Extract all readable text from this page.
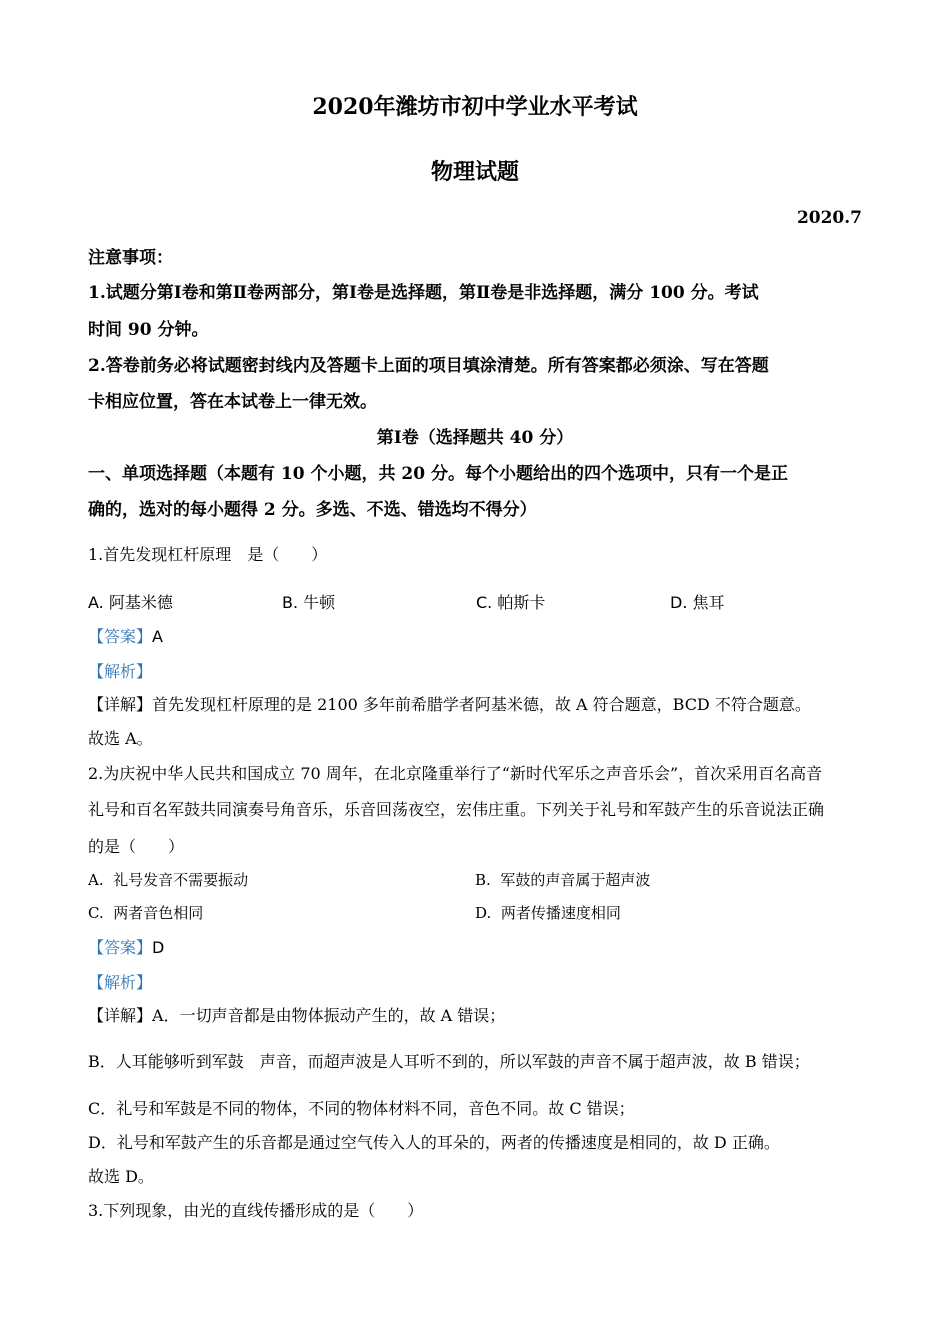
2020年潍坊市初中学业水平考试
物理试题
2020.7
注意事项：
1.试题分第Ⅰ卷和第Ⅱ卷两部分，第Ⅰ卷是选择题，第Ⅱ卷是非选择题，满分 100 分。考试
时间 90 分钟。
2.答卷前务必将试题密封线内及答题卡上面的项目填涂清楚。所有答案都必须涂、写在答题
卡相应位置，答在本试卷上一律无效。
第Ⅰ卷（选择题共 40 分）
一、单项选择题（本题有 10 个小题，共 20 分。每个小题给出的四个选项中，只有一个是正
确的，选对的每小题得 2 分。多选、不选、错选均不得分）
1.首先发现杠杆原理　是（　　）
A. 阿基米德	B. 牛顿	C. 帕斯卡	D. 焦耳
【答案】A
【解析】
【详解】首先发现杠杆原理的是 2100 多年前希腊学者阿基米德，故 A 符合题意，BCD 不符合题意。
故选 A。
2.为庆祝中华人民共和国成立 70 周年，在北京隆重举行了“新时代军乐之声音乐会”，首次采用百名高音
礼号和百名军鼓共同演奏号角音乐，乐音回荡夜空，宏伟庄重。下列关于礼号和军鼓产生的乐音说法正确
的是（　　）
A. 礼号发音不需要振动	B. 军鼓的声音属于超声波
C. 两者音色相同	D. 两者传播速度相同
【答案】D
【解析】
【详解】A．一切声音都是由物体振动产生的，故 A 错误；
B．人耳能够听到军鼓　声音，而超声波是人耳听不到的，所以军鼓的声音不属于超声波，故 B 错误；
C．礼号和军鼓是不同的物体，不同的物体材料不同，音色不同。故 C 错误；
D．礼号和军鼓产生的乐音都是通过空气传入人的耳朵的，两者的传播速度是相同的，故 D 正确。
故选 D。
3.下列现象，由光的直线传播形成的是（　　）
